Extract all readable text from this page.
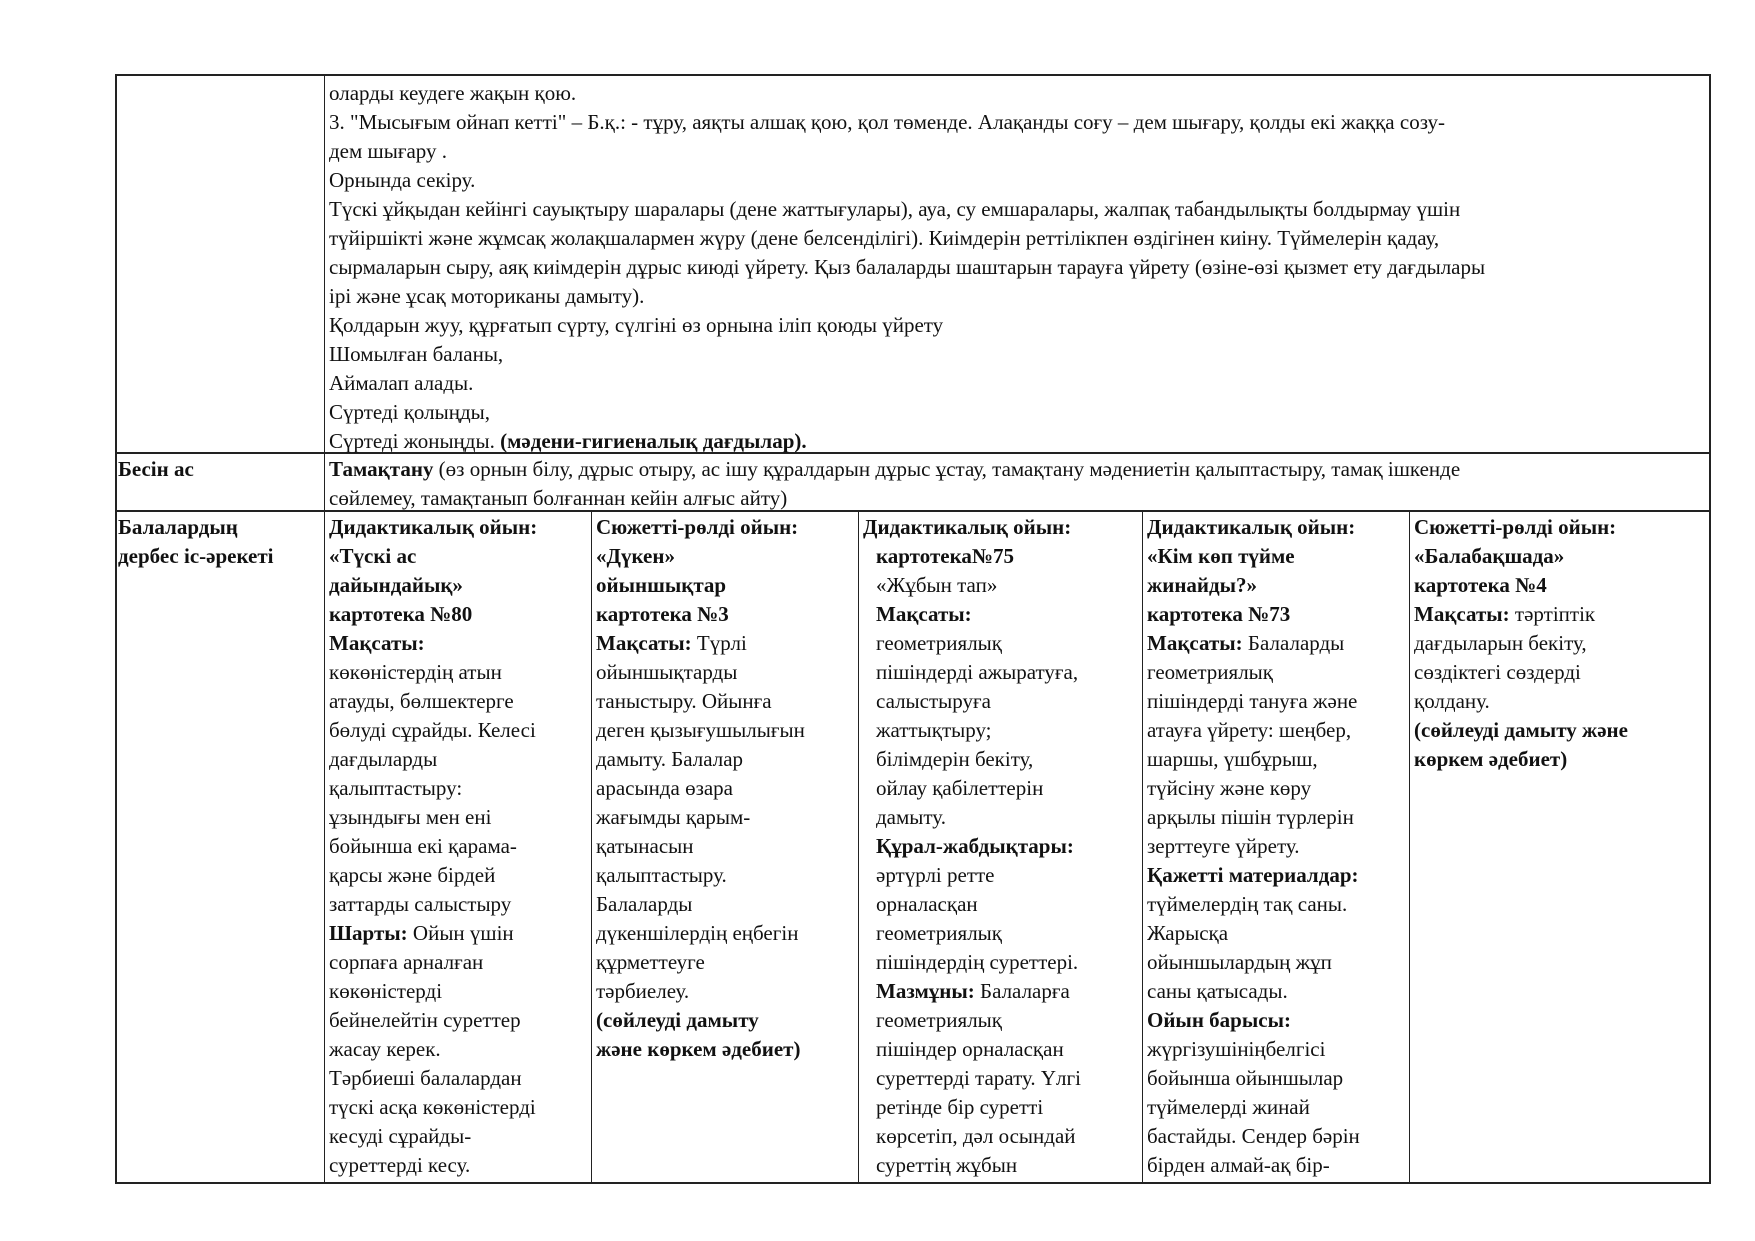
оларды кеудеге жақын қою.
3. "Мысығым ойнап кетті" – Б.қ.: - тұру, аяқты алшақ қою, қол төменде. Алақанды соғу – дем шығару, қолды екі жаққа созу-
дем шығару .
Орнында секіру.
Түскі ұйқыдан кейінгі сауықтыру шаралары (дене жаттығулары), ауа, су емшаралары, жалпақ табандылықты болдырмау үшін
түйіршікті және жұмсақ жолақшалармен жүру (дене белсенділігі). Киімдерін реттілікпен өздігінен киіну. Түймелерін қадау,
сырмаларын сыру, аяқ киімдерін дұрыс киюді үйрету. Қыз балаларды шаштарын тарауға үйрету (өзіне-өзі қызмет ету дағдылары
ірі және ұсақ моториканы дамыту).
Қолдарын жуу, құрғатып сүрту, сүлгіні өз орнына іліп қоюды үйрету
Шомылған баланы,
Аймалап алады.
Сүртеді қолыңды,
Сүртеді жоныңды. (мәдени-гигиеналық дағдылар).
Бесін ас	Тамақтану (өз орнын білу, дұрыс отыру, ас ішу құралдарын дұрыс ұстау, тамақтану мәдениетін қалыптастыру, тамақ ішкенде
сөйлемеу, тамақтанып болғаннан кейін алғыс айту)
Балалардың
дербес іс-әрекеті
Дидактикалық ойын:
«Түскі ас
дайындайық»
картотека №80
Мақсаты:
көкөністердің атын
атауды, бөлшектерге
бөлуді сұрайды. Келесі
дағдыларды
қалыптастыру:
ұзындығы мен ені
бойынша екі қарама-
қарсы және бірдей
заттарды салыстыру
Шарты: Ойын үшін
сорпаға арналған
көкөністерді
бейнелейтін суреттер
жасау керек.
Тәрбиеші балалардан
түскі асқа көкөністерді
кесуді сұрайды-
суреттерді кесу.
Сюжетті-рөлді ойын:
«Дүкен»
ойыншықтар
картотека №3
Мақсаты: Түрлі
ойыншықтарды
таныстыру. Ойынға
деген қызығушылығын
дамыту. Балалар
арасында өзара
жағымды қарым-
қатынасын
қалыптастыру.
Балаларды
дүкеншілердің еңбегін
құрметтеуге
тәрбиелеу.
(сөйлеуді дамыту
және көркем әдебиет)
Дидактикалық ойын:
картотека№75
«Жұбын тап»
Мақсаты:
геометриялық
пішіндерді ажыратуға,
салыстыруға
жаттықтыру;
білімдерін бекіту,
ойлау қабілеттерін
дамыту.
Құрал-жабдықтары:
әртүрлі ретте
орналасқан
геометриялық
пішіндердің суреттері.
Мазмұны: Балаларға
геометриялық
пішіндер орналасқан
суреттерді тарату. Үлгі
ретінде бір суретті
көрсетіп, дәл осындай
суреттің жұбын
Дидактикалық ойын:
«Кім көп түйме
жинайды?»
картотека №73
Мақсаты: Балаларды
геометриялық
пішіндерді тануға және
атауға үйрету: шеңбер,
шаршы, үшбұрыш,
түйсіну және көру
арқылы пішін түрлерін
зерттеуге үйрету.
Қажетті материалдар:
түймелердің тақ саны.
Жарысқа
ойыншылардың жұп
саны қатысады.
Ойын барысы:
жүргізушініңбелгісі
бойынша ойыншылар
түймелерді жинай
бастайды. Сендер бәрін
бірден алмай-ақ бір-
Сюжетті-рөлді ойын:
«Балабақшада»
картотека №4
Мақсаты: тәртіптік
дағдыларын бекіту,
сөздіктегі сөздерді
қолдану.
(сөйлеуді дамыту және
көркем әдебиет)
